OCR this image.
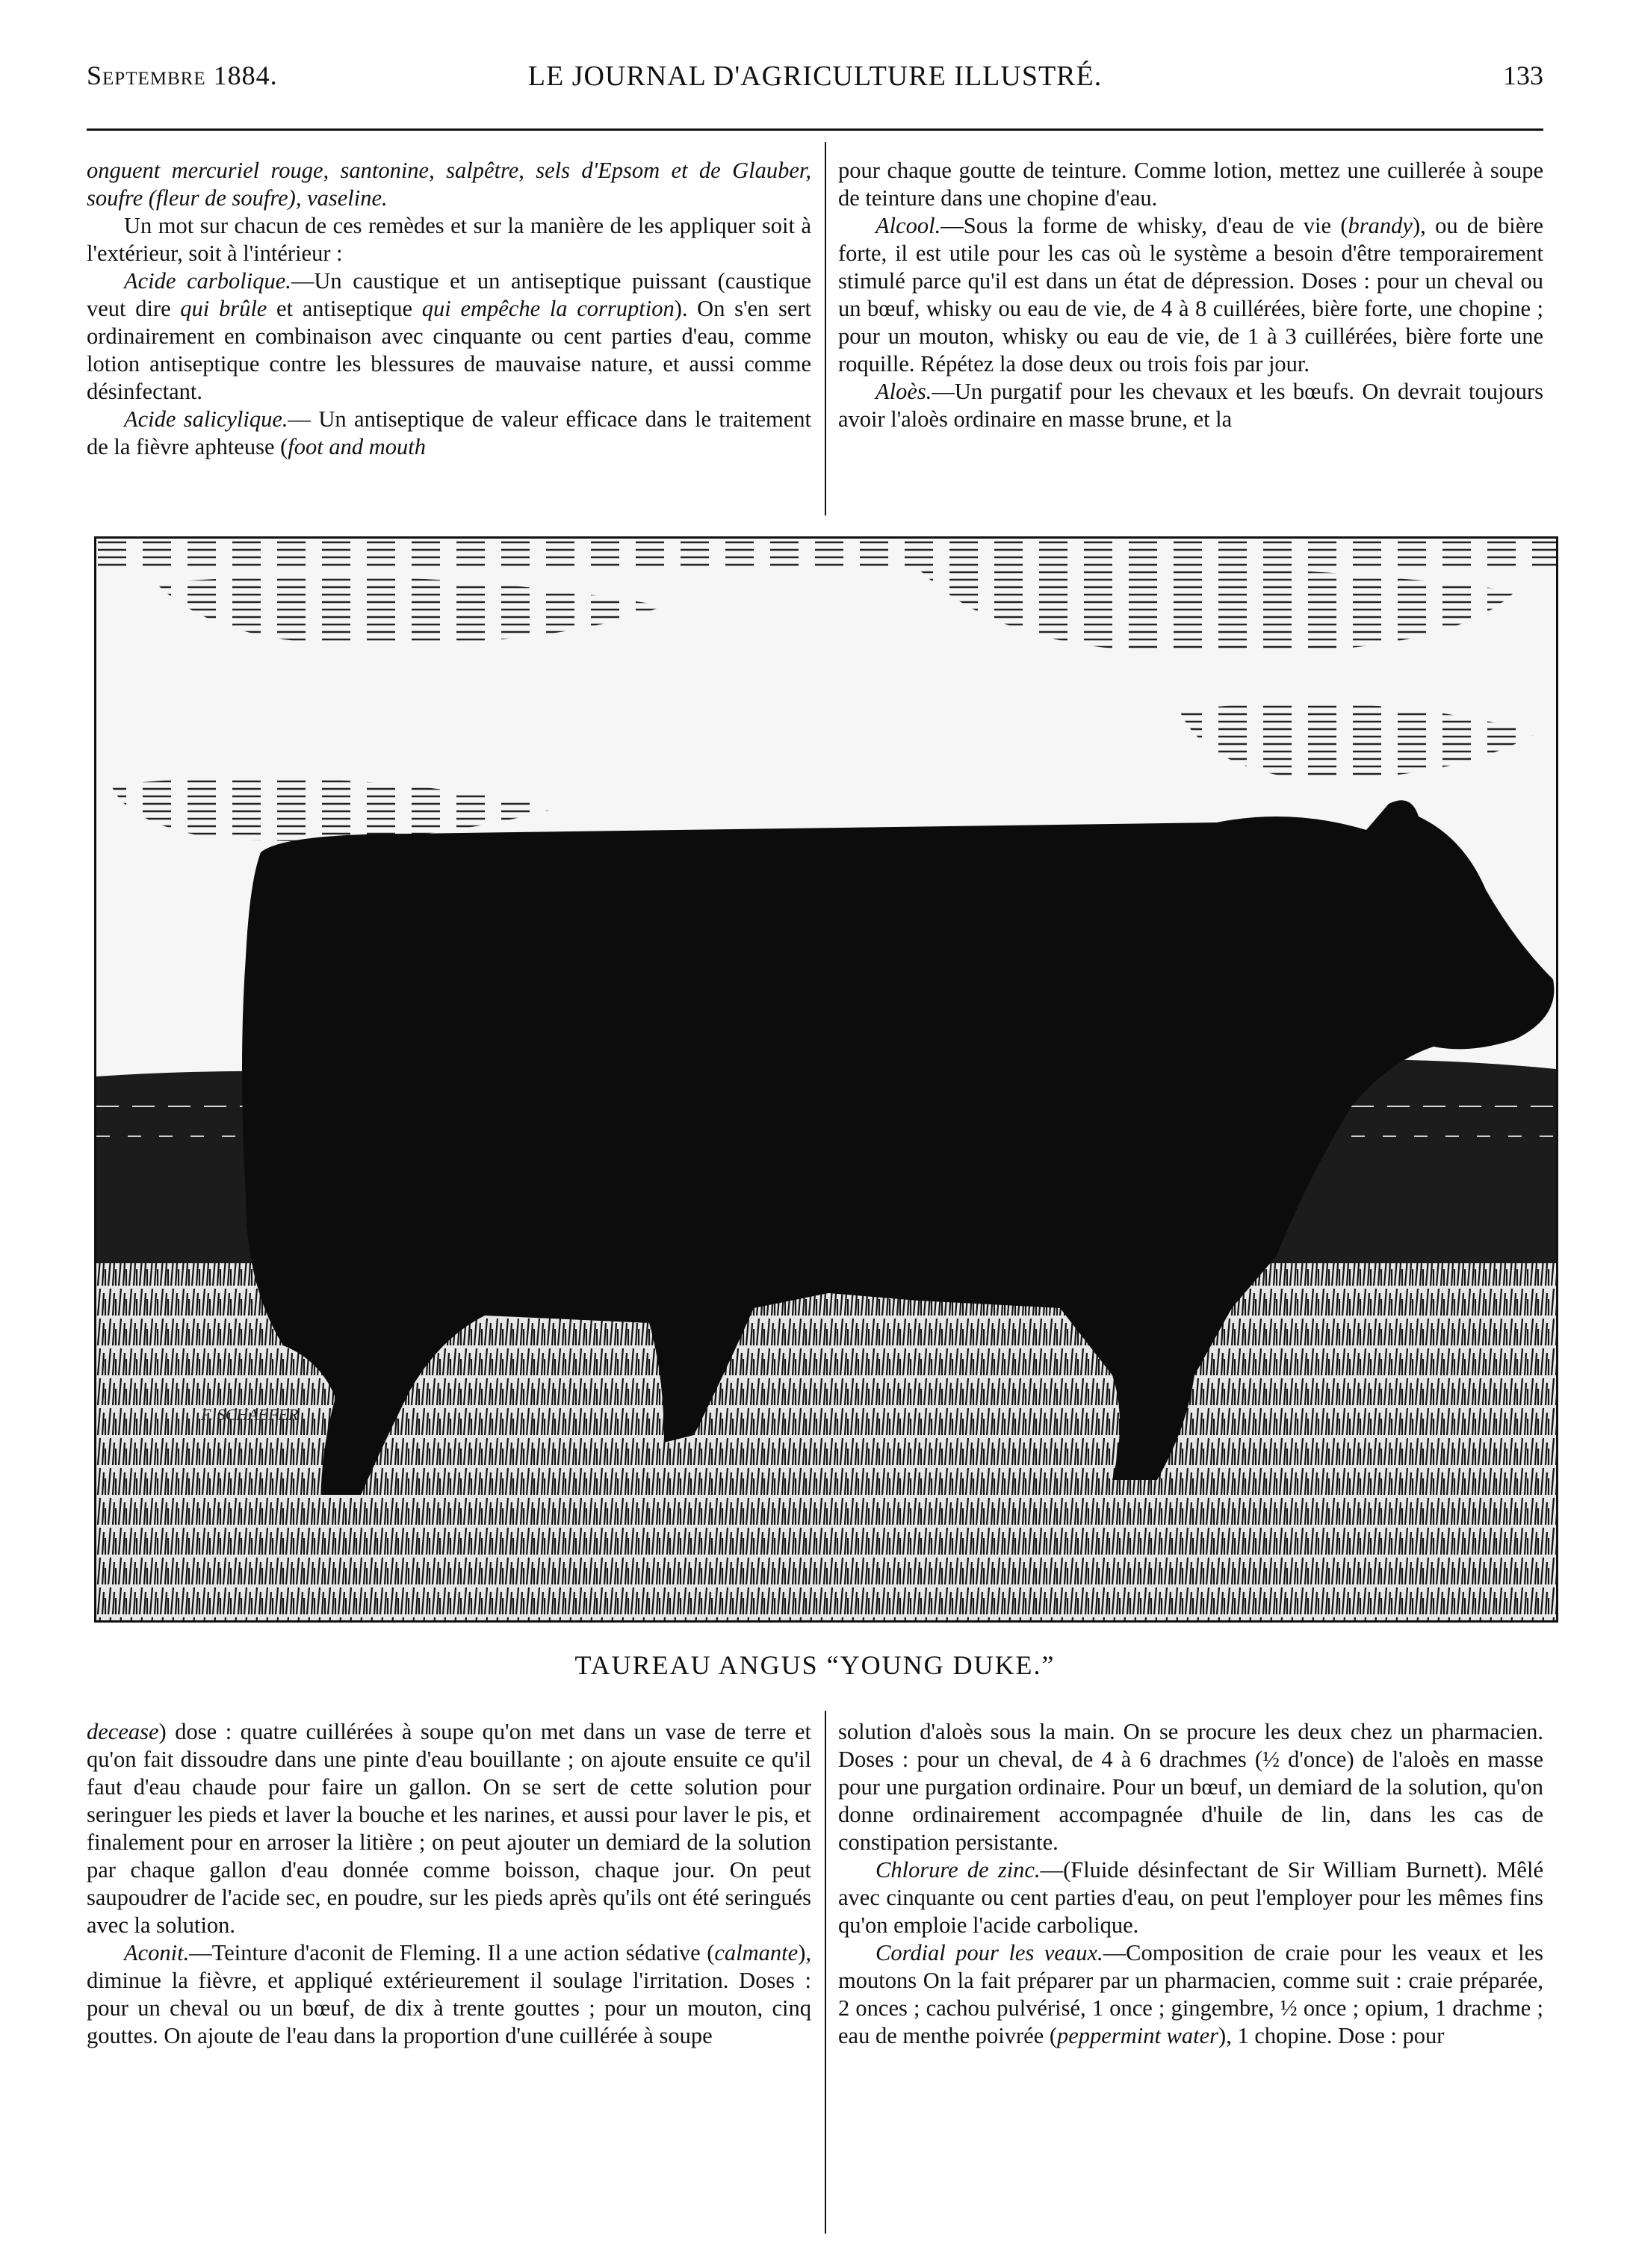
Septembre 1884.	LE JOURNAL D'AGRICULTURE ILLUSTRÉ.	133

onguent mercuriel rouge, santonine, salpêtre, sels d'Epsom et de Glauber, soufre (fleur de soufre), vaseline.

Un mot sur chacun de ces remèdes et sur la manière de les appliquer soit à l'extérieur, soit à l'intérieur :

Acide carbolique.—Un caustique et un antiseptique puissant (caustique veut dire qui brûle et antiseptique qui empêche la corruption). On s'en sert ordinairement en combinaison avec cinquante ou cent parties d'eau, comme lotion antiseptique contre les blessures de mauvaise nature, et aussi comme désinfectant.

Acide salicylique.— Un antiseptique de valeur efficace dans le traitement de la fièvre aphteuse (foot and mouth

pour chaque goutte de teinture. Comme lotion, mettez une cuillerée à soupe de teinture dans une chopine d'eau.

Alcool.—Sous la forme de whisky, d'eau de vie (brandy), ou de bière forte, il est utile pour les cas où le système a besoin d'être temporairement stimulé parce qu'il est dans un état de dépression. Doses : pour un cheval ou un bœuf, whisky ou eau de vie, de 4 à 8 cuillérées, bière forte, une chopine ; pour un mouton, whisky ou eau de vie, de 1 à 3 cuillérées, bière forte une roquille. Répétez la dose deux ou trois fois par jour.

Aloès.—Un purgatif pour les chevaux et les bœufs. On devrait toujours avoir l'aloès ordinaire en masse brune, et la

F. SCHAEFER
TAUREAU ANGUS “YOUNG DUKE.”

decease) dose : quatre cuillérées à soupe qu'on met dans un vase de terre et qu'on fait dissoudre dans une pinte d'eau bouillante ; on ajoute ensuite ce qu'il faut d'eau chaude pour faire un gallon. On se sert de cette solution pour seringuer les pieds et laver la bouche et les narines, et aussi pour laver le pis, et finalement pour en arroser la litière ; on peut ajouter un demiard de la solution par chaque gallon d'eau donnée comme boisson, chaque jour. On peut saupoudrer de l'acide sec, en poudre, sur les pieds après qu'ils ont été seringués avec la solution.

Aconit.—Teinture d'aconit de Fleming. Il a une action sédative (calmante), diminue la fièvre, et appliqué extérieurement il soulage l'irritation. Doses : pour un cheval ou un bœuf, de dix à trente gouttes ; pour un mouton, cinq gouttes. On ajoute de l'eau dans la proportion d'une cuillérée à soupe

solution d'aloès sous la main. On se procure les deux chez un pharmacien. Doses : pour un cheval, de 4 à 6 drachmes (½ d'once) de l'aloès en masse pour une purgation ordinaire. Pour un bœuf, un demiard de la solution, qu'on donne ordinairement accompagnée d'huile de lin, dans les cas de constipation persistante.

Chlorure de zinc.—(Fluide désinfectant de Sir William Burnett). Mêlé avec cinquante ou cent parties d'eau, on peut l'employer pour les mêmes fins qu'on emploie l'acide carbolique.

Cordial pour les veaux.—Composition de craie pour les veaux et les moutons On la fait préparer par un pharmacien, comme suit : craie préparée, 2 onces ; cachou pulvérisé, 1 once ; gingembre, ½ once ; opium, 1 drachme ; eau de menthe poivrée (peppermint water), 1 chopine. Dose : pour
